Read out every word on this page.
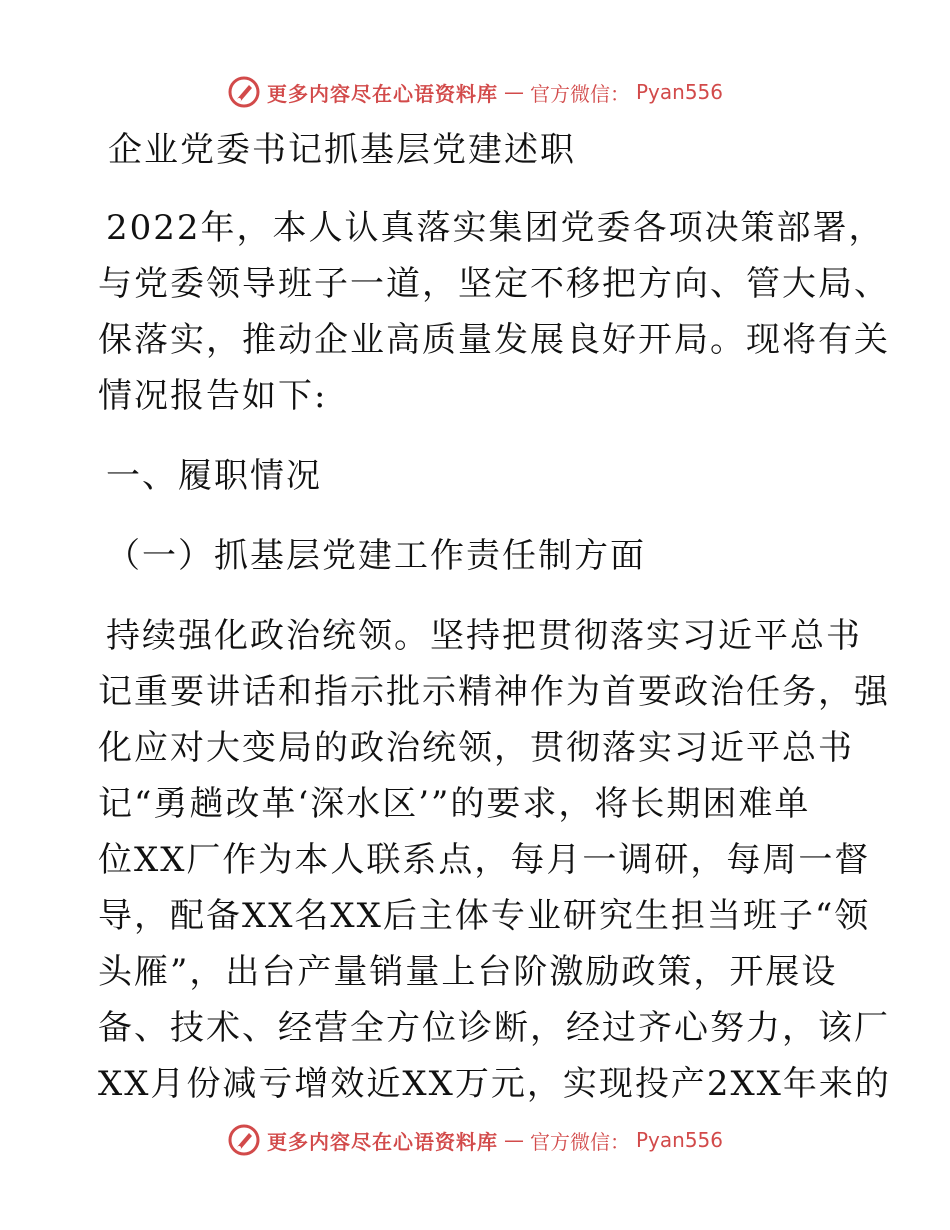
更多内容尽在心语资料库 — 官方微信： Pyan556
企业党委书记抓基层党建述职
2022年，本人认真落实集团党委各项决策部署，
与党委领导班子一道，坚定不移把方向、管大局、
保落实，推动企业高质量发展良好开局。现将有关
情况报告如下:
一、履职情况
（一）抓基层党建工作责任制方面
持续强化政治统领。坚持把贯彻落实习近平总书
记重要讲话和指示批示精神作为首要政治任务，强
化应对大变局的政治统领，贯彻落实习近平总书
记“勇趟改革‘深水区’”的要求，将长期困难单
位XX厂作为本人联系点，每月一调研，每周一督
导，配备XX名XX后主体专业研究生担当班子“领
头雁”，出台产量销量上台阶激励政策，开展设
备、技术、经营全方位诊断，经过齐心努力，该厂
XX月份减亏增效近XX万元，实现投产2XX年来的
更多内容尽在心语资料库 — 官方微信： Pyan556
